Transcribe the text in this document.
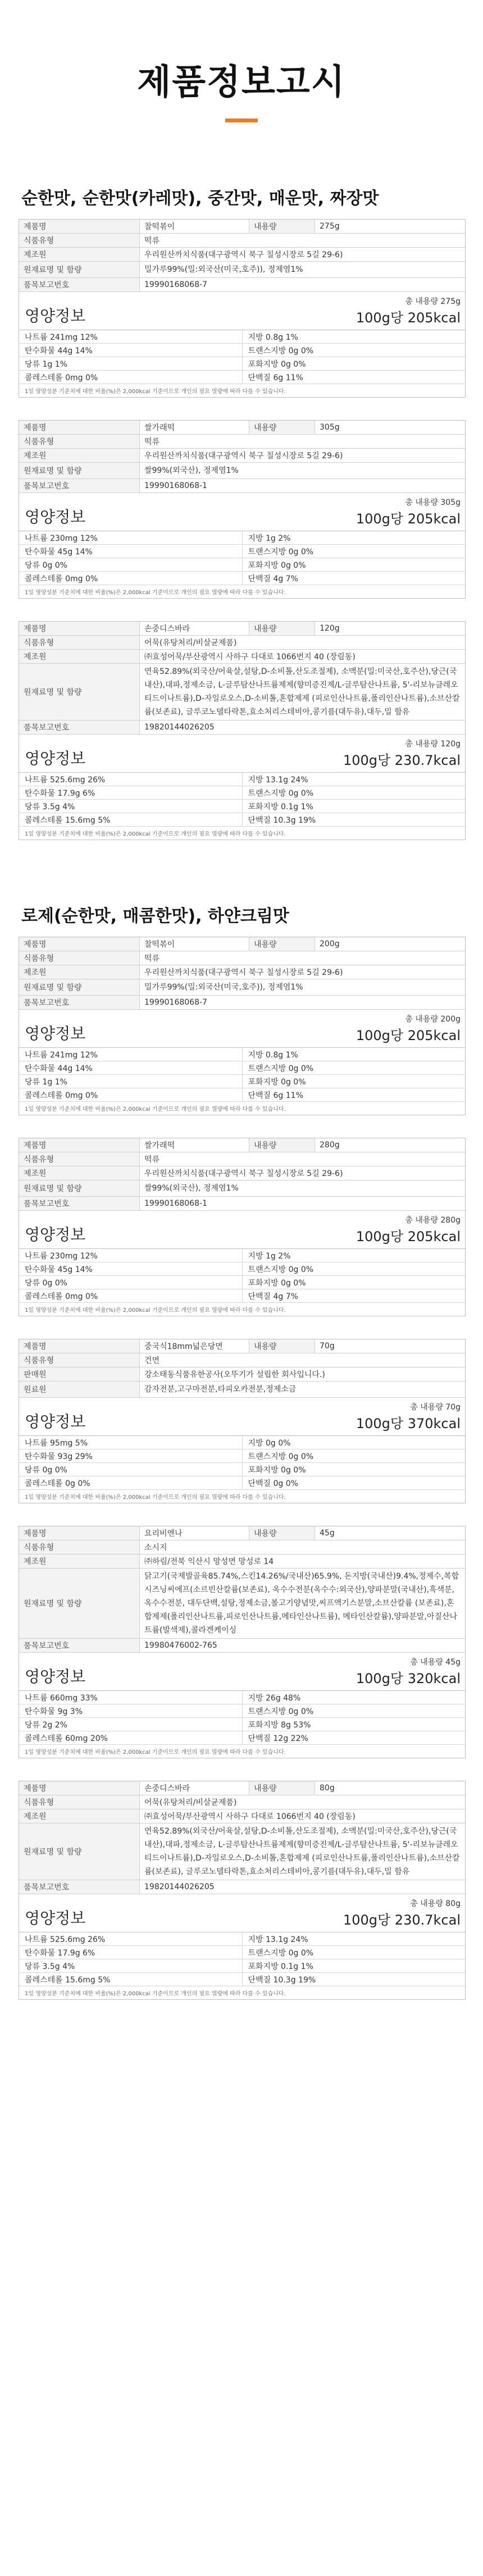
제품정보고시
순한맛, 순한맛(카레맛), 중간맛, 매운맛, 짜장맛
제품명	찰떡볶이	내용량	275g
식품유형	떡류		
제조원	우리원산까치식품(대구광역시 북구 칠성시장로 5길 29-6)		
원재료명 및 함량	밀가루99%(밀:외국산(미국,호주)), 정제염1%		
품목보고번호	19990168068-7		
영양정보
총 내용량 275g
100g당 205kcal
나트륨 241mg 12%	지방 0.8g 1%
탄수화물 44g 14%	트랜스지방 0g 0%
당류 1g 1%	포화지방 0g 0%
콜레스테롤 0mg 0%	단백질 6g 11%
1일 영양성분 기준치에 대한 비율(%)은 2,000kcal 기준이므로 개인의 필요 열량에 따라 다를 수 있습니다.
제품명	쌀가래떡	내용량	305g
식품유형	떡류		
제조원	우리원산까치식품(대구광역시 북구 칠성시장로 5길 29-6)		
원재료명 및 함량	쌀99%(외국산), 정제염1%		
품목보고번호	19990168068-1		
영양정보
총 내용량 305g
100g당 205kcal
나트륨 230mg 12%	지방 1g 2%
탄수화물 45g 14%	트랜스지방 0g 0%
당류 0g 0%	포화지방 0g 0%
콜레스테롤 0mg 0%	단백질 4g 7%
1일 영양성분 기준치에 대한 비율(%)은 2,000kcal 기준이므로 개인의 필요 열량에 따라 다를 수 있습니다.
제품명	손중디스바라	내용량	120g
식품유형	어묵(유탕처리/비살균제품)		
제조원	㈜효성어묵/부산광역시 사하구 다대로 1066번지 40 (장림동)		
원재료명 및 함량	연육52.89%(외국산/어육살,설탕,D-소비톨,산도조절제), 소맥분(밀:미국산,호주산),당근(국내산),대파,정제소금, L-글루탐산나트륨제제(향미증진제/L-글루탐산나트륨, 5'-리보뉴클레오티드이나트륨),D-자일로오스,D-소비톨,혼합제제 (피로인산나트륨,폴리인산나트륨),소브산칼륨(보존료), 글루코노델타락톤,효소처리스테비아,콩기름(대두유),대두,밀 함유		
품목보고번호	19820144026205		
영양정보
총 내용량 120g
100g당 230.7kcal
나트륨 525.6mg 26%	지방 13.1g 24%
탄수화물 17.9g 6%	트랜스지방 0g 0%
당류 3.5g 4%	포화지방 0.1g 1%
콜레스테롤 15.6mg 5%	단백질 10.3g 19%
1일 영양성분 기준치에 대한 비율(%)은 2,000kcal 기준이므로 개인의 필요 열량에 따라 다를 수 있습니다.
로제(순한맛, 매콤한맛), 하얀크림맛
제품명	찰떡볶이	내용량	200g
식품유형	떡류		
제조원	우리원산까치식품(대구광역시 북구 칠성시장로 5길 29-6)		
원재료명 및 함량	밀가루99%(밀:외국산(미국,호주)), 정제염1%		
품목보고번호	19990168068-7		
영양정보
총 내용량 200g
100g당 205kcal
나트륨 241mg 12%	지방 0.8g 1%
탄수화물 44g 14%	트랜스지방 0g 0%
당류 1g 1%	포화지방 0g 0%
콜레스테롤 0mg 0%	단백질 6g 11%
1일 영양성분 기준치에 대한 비율(%)은 2,000kcal 기준이므로 개인의 필요 열량에 따라 다를 수 있습니다.
제품명	쌀가래떡	내용량	280g
식품유형	떡류		
제조원	우리원산까치식품(대구광역시 북구 칠성시장로 5길 29-6)		
원재료명 및 함량	쌀99%(외국산), 정제염1%		
품목보고번호	19990168068-1		
영양정보
총 내용량 280g
100g당 205kcal
나트륨 230mg 12%	지방 1g 2%
탄수화물 45g 14%	트랜스지방 0g 0%
당류 0g 0%	포화지방 0g 0%
콜레스테롤 0mg 0%	단백질 4g 7%
1일 영양성분 기준치에 대한 비율(%)은 2,000kcal 기준이므로 개인의 필요 열량에 따라 다를 수 있습니다.
제품명	중국식18mm넓은당면	내용량	70g
식품유형	건면		
판매원	강소태동식품유한공사(오뚜기가 설립한 회사입니다.)		
원료원	감자전분,고구마전분,타피오카전분,정제소금		
영양정보
총 내용량 70g
100g당 370kcal
나트륨 95mg 5%	지방 0g 0%
탄수화물 93g 29%	트랜스지방 0g 0%
당류 0g 0%	포화지방 0g 0%
콜레스테롤 0g 0%	단백질 0g 0%
1일 영양성분 기준치에 대한 비율(%)은 2,000kcal 기준이므로 개인의 필요 열량에 따라 다를 수 있습니다.
제품명	요리비엔나	내용량	45g
식품유형	소시지		
제조원	㈜하림/전북 익산시 망성면 망성로 14		
원재료명 및 함량	닭고기(국제발골육85.74%,스킨14.26%/국내산)65.9%, 돈지방(국내산)9.4%,정제수,복합시즈닝씨에프(소르빈산칼륨(보존료), 옥수수전분(옥수수:외국산),양파분말(국내산),흑색분,옥수수전분, 대두단백,설탕,정제소금,볼고기양념맛,씨프액기스분말,소브산칼륨 (보존료),혼합제제(폴리인산나트륨,피로인산나트륨,메타인산나트륨), 메타인산칼륨),양파분말,아질산나트륨(발색제),콜라겐케이싱		
품목보고번호	19980476002-765		
영양정보
총 내용량 45g
100g당 320kcal
나트륨 660mg 33%	지방 26g 48%
탄수화물 9g 3%	트랜스지방 0g 0%
당류 2g 2%	포화지방 8g 53%
콜레스테롤 60mg 20%	단백질 12g 22%
1일 영양성분 기준치에 대한 비율(%)은 2,000kcal 기준이므로 개인의 필요 열량에 따라 다를 수 있습니다.
제품명	손중디스바라	내용량	80g
식품유형	어묵(유탕처리/비살균제품)		
제조원	㈜효성어묵/부산광역시 사하구 다대로 1066번지 40 (장림동)		
원재료명 및 함량	연육52.89%(외국산/어육살,설탕,D-소비톨,산도조절제), 소맥분(밀:미국산,호주산),당근(국내산),대파,정제소금, L-글루탐산나트륨제제(향미증진제/L-글루탐산나트륨, 5'-리보뉴클레오티드이나트륨),D-자일로오스,D-소비톨,혼합제제 (피로인산나트륨,폴리인산나트륨),소브산칼륨(보존료), 글루코노델타락톤,효소처리스테비아,콩기름(대두유),대두,밀 함유		
품목보고번호	19820144026205		
영양정보
총 내용량 80g
100g당 230.7kcal
나트륨 525.6mg 26%	지방 13.1g 24%
탄수화물 17.9g 6%	트랜스지방 0g 0%
당류 3.5g 4%	포화지방 0.1g 1%
콜레스테롤 15.6mg 5%	단백질 10.3g 19%
1일 영양성분 기준치에 대한 비율(%)은 2,000kcal 기준이므로 개인의 필요 열량에 따라 다를 수 있습니다.
